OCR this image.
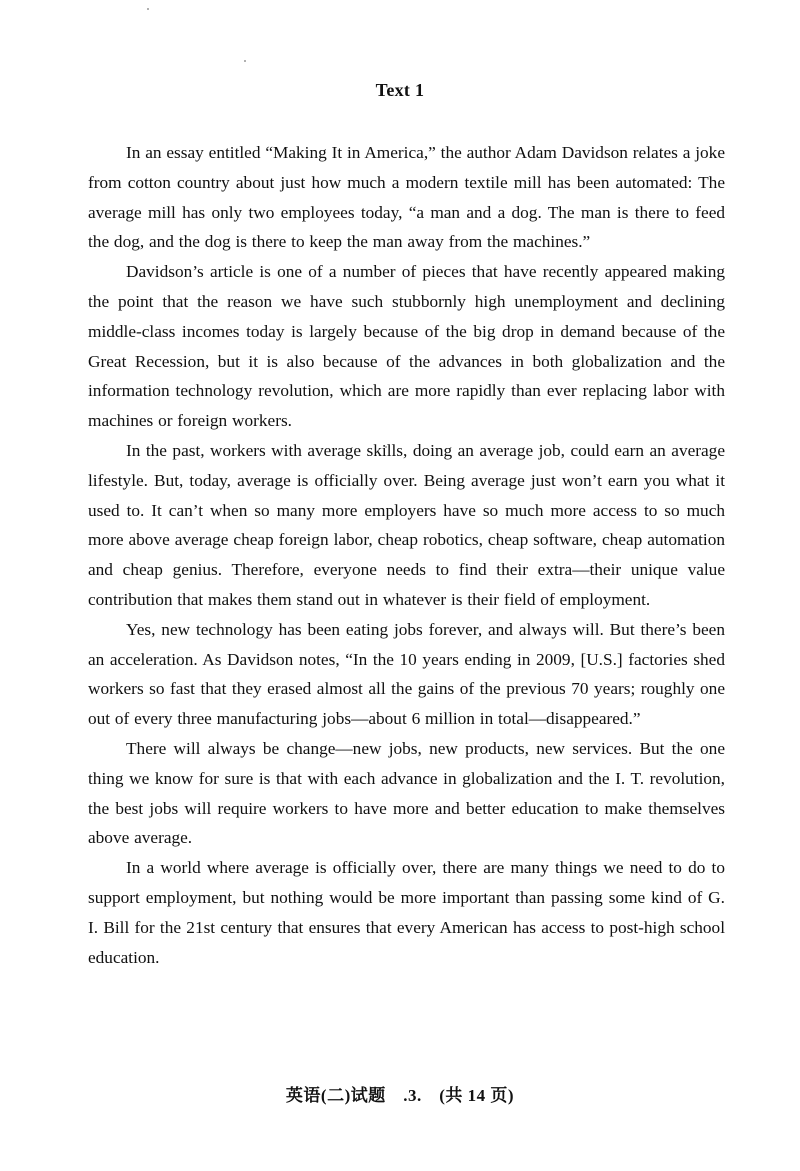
Text 1

In an essay entitled “Making It in America,” the author Adam Davidson relates a joke from cotton country about just how much a modern textile mill has been automated: The average mill has only two employees today, “a man and a dog. The man is there to feed the dog, and the dog is there to keep the man away from the machines.”

Davidson’s article is one of a number of pieces that have recently appeared making the point that the reason we have such stubbornly high unemployment and declining middle-class incomes today is largely because of the big drop in demand because of the Great Recession, but it is also because of the advances in both globalization and the information technology revolution, which are more rapidly than ever replacing labor with machines or foreign workers.

In the past, workers with average skills, doing an average job, could earn an average lifestyle. But, today, average is officially over. Being average just won’t earn you what it used to. It can’t when so many more employers have so much more access to so much more above average cheap foreign labor, cheap robotics, cheap software, cheap automation and cheap genius. Therefore, everyone needs to find their extra—their unique value contribution that makes them stand out in whatever is their field of employment.

Yes, new technology has been eating jobs forever, and always will. But there’s been an acceleration. As Davidson notes, “In the 10 years ending in 2009, [U.S.] factories shed workers so fast that they erased almost all the gains of the previous 70 years; roughly one out of every three manufacturing jobs—about 6 million in total—disappeared.”

There will always be change—new jobs, new products, new services. But the one thing we know for sure is that with each advance in globalization and the I. T. revolution, the best jobs will require workers to have more and better education to make themselves above average.

In a world where average is officially over, there are many things we need to do to support employment, but nothing would be more important than passing some kind of G. I. Bill for the 21st century that ensures that every American has access to post-high school education.

英语(二)试题　.3.　(共 14 页)
